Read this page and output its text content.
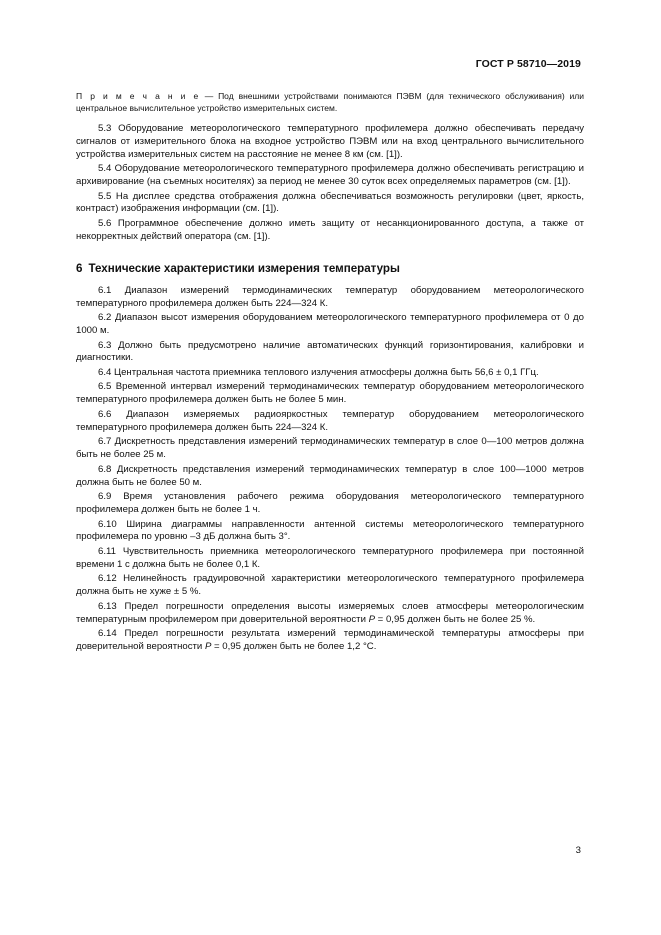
ГОСТ Р 58710—2019

П р и м е ч а н и е — Под внешними устройствами понимаются ПЭВМ (для технического обслуживания) или центральное вычислительное устройство измерительных систем.

5.3 Оборудование метеорологического температурного профилемера должно обеспечивать передачу сигналов от измерительного блока на входное устройство ПЭВМ или на вход центрального вычислительного устройства измерительных систем на расстояние не менее 8 км (см. [1]).

5.4 Оборудование метеорологического температурного профилемера должно обеспечивать регистрацию и архивирование (на съемных носителях) за период не менее 30 суток всех определяемых параметров (см. [1]).

5.5 На дисплее средства отображения должна обеспечиваться возможность регулировки (цвет, яркость, контраст) изображения информации (см. [1]).

5.6 Программное обеспечение должно иметь защиту от несанкционированного доступа, а также от некорректных действий оператора (см. [1]).

6 Технические характеристики измерения температуры

6.1 Диапазон измерений термодинамических температур оборудованием метеорологического температурного профилемера должен быть 224—324 К.

6.2 Диапазон высот измерения оборудованием метеорологического температурного профилемера от 0 до 1000 м.

6.3 Должно быть предусмотрено наличие автоматических функций горизонтирования, калибровки и диагностики.

6.4 Центральная частота приемника теплового излучения атмосферы должна быть 56,6 ± 0,1 ГГц.

6.5 Временной интервал измерений термодинамических температур оборудованием метеорологического температурного профилемера должен быть не более 5 мин.

6.6 Диапазон измеряемых радиояркостных температур оборудованием метеорологического температурного профилемера должен быть 224—324 К.

6.7 Дискретность представления измерений термодинамических температур в слое 0—100 метров должна быть не более 25 м.

6.8 Дискретность представления измерений термодинамических температур в слое 100—1000 метров должна быть не более 50 м.

6.9 Время установления рабочего режима оборудования метеорологического температурного профилемера должен быть не более 1 ч.

6.10 Ширина диаграммы направленности антенной системы метеорологического температурного профилемера по уровню –3 дБ должна быть 3°.

6.11 Чувствительность приемника метеорологического температурного профилемера при постоянной времени 1 с должна быть не более 0,1 К.

6.12 Нелинейность градуировочной характеристики метеорологического температурного профилемера должна быть не хуже ± 5 %.

6.13 Предел погрешности определения высоты измеряемых слоев атмосферы метеорологическим температурным профилемером при доверительной вероятности P = 0,95 должен быть не более 25 %.

6.14 Предел погрешности результата измерений термодинамической температуры атмосферы при доверительной вероятности P = 0,95 должен быть не более 1,2 °С.

3
